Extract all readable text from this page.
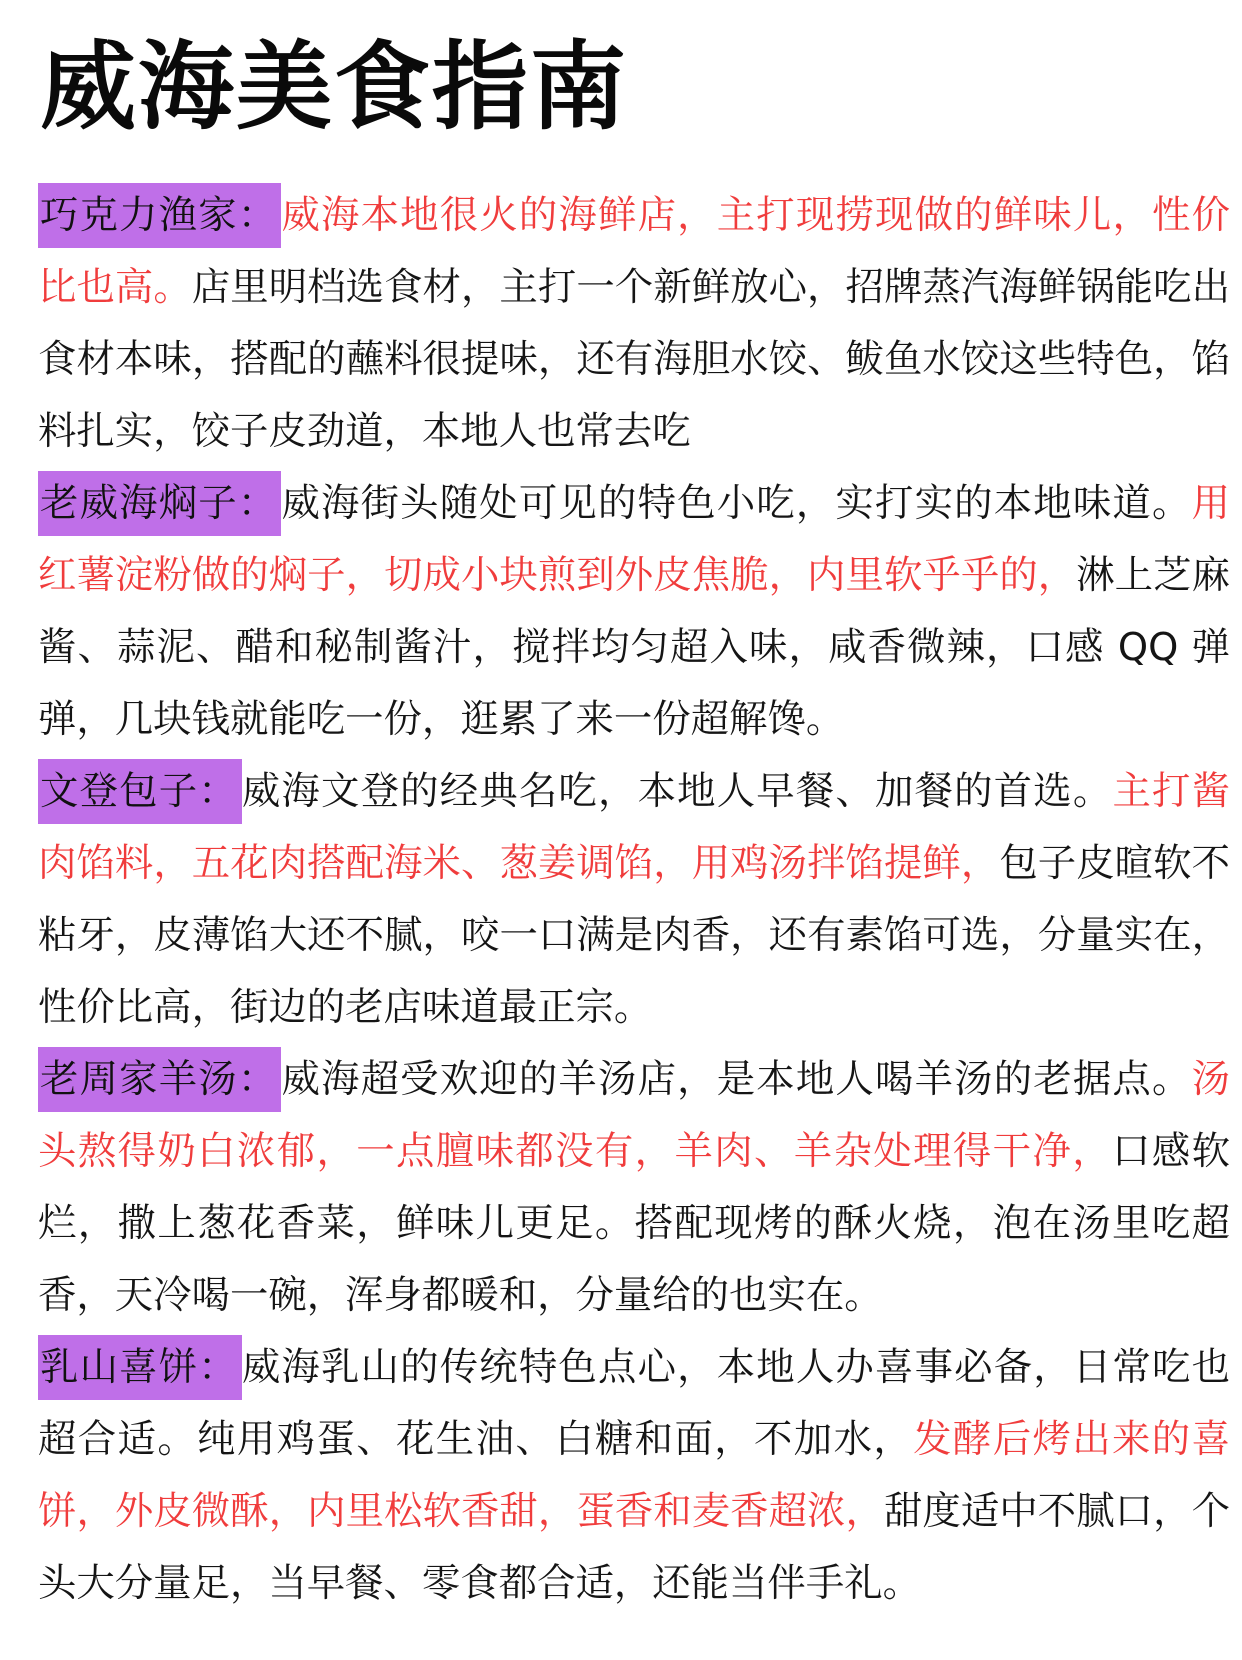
威海美食指南

巧克力渔家： 威海本地很火的海鲜店，主打现捞现做的鲜味儿，性价比也高。店里明档选食材，主打一个新鲜放心，招牌蒸汽海鲜锅能吃出食材本味，搭配的蘸料很提味，还有海胆水饺、鲅鱼水饺这些特色，馅料扎实，饺子皮劲道，本地人也常去吃

老威海焖子： 威海街头随处可见的特色小吃，实打实的本地味道。用红薯淀粉做的焖子，切成小块煎到外皮焦脆，内里软乎乎的，淋上芝麻酱、蒜泥、醋和秘制酱汁，搅拌均匀超入味，咸香微辣，口感 QQ 弹弹，几块钱就能吃一份，逛累了来一份超解馋。

文登包子： 威海文登的经典名吃，本地人早餐、加餐的首选。主打酱肉馅料，五花肉搭配海米、葱姜调馅，用鸡汤拌馅提鲜，包子皮暄软不粘牙，皮薄馅大还不腻，咬一口满是肉香，还有素馅可选，分量实在，性价比高，街边的老店味道最正宗。

老周家羊汤： 威海超受欢迎的羊汤店，是本地人喝羊汤的老据点。汤头熬得奶白浓郁，一点膻味都没有，羊肉、羊杂处理得干净，口感软烂，撒上葱花香菜，鲜味儿更足。搭配现烤的酥火烧，泡在汤里吃超香，天冷喝一碗，浑身都暖和，分量给的也实在。

乳山喜饼： 威海乳山的传统特色点心，本地人办喜事必备，日常吃也超合适。纯用鸡蛋、花生油、白糖和面，不加水，发酵后烤出来的喜饼，外皮微酥，内里松软香甜，蛋香和麦香超浓，甜度适中不腻口，个头大分量足，当早餐、零食都合适，还能当伴手礼。
